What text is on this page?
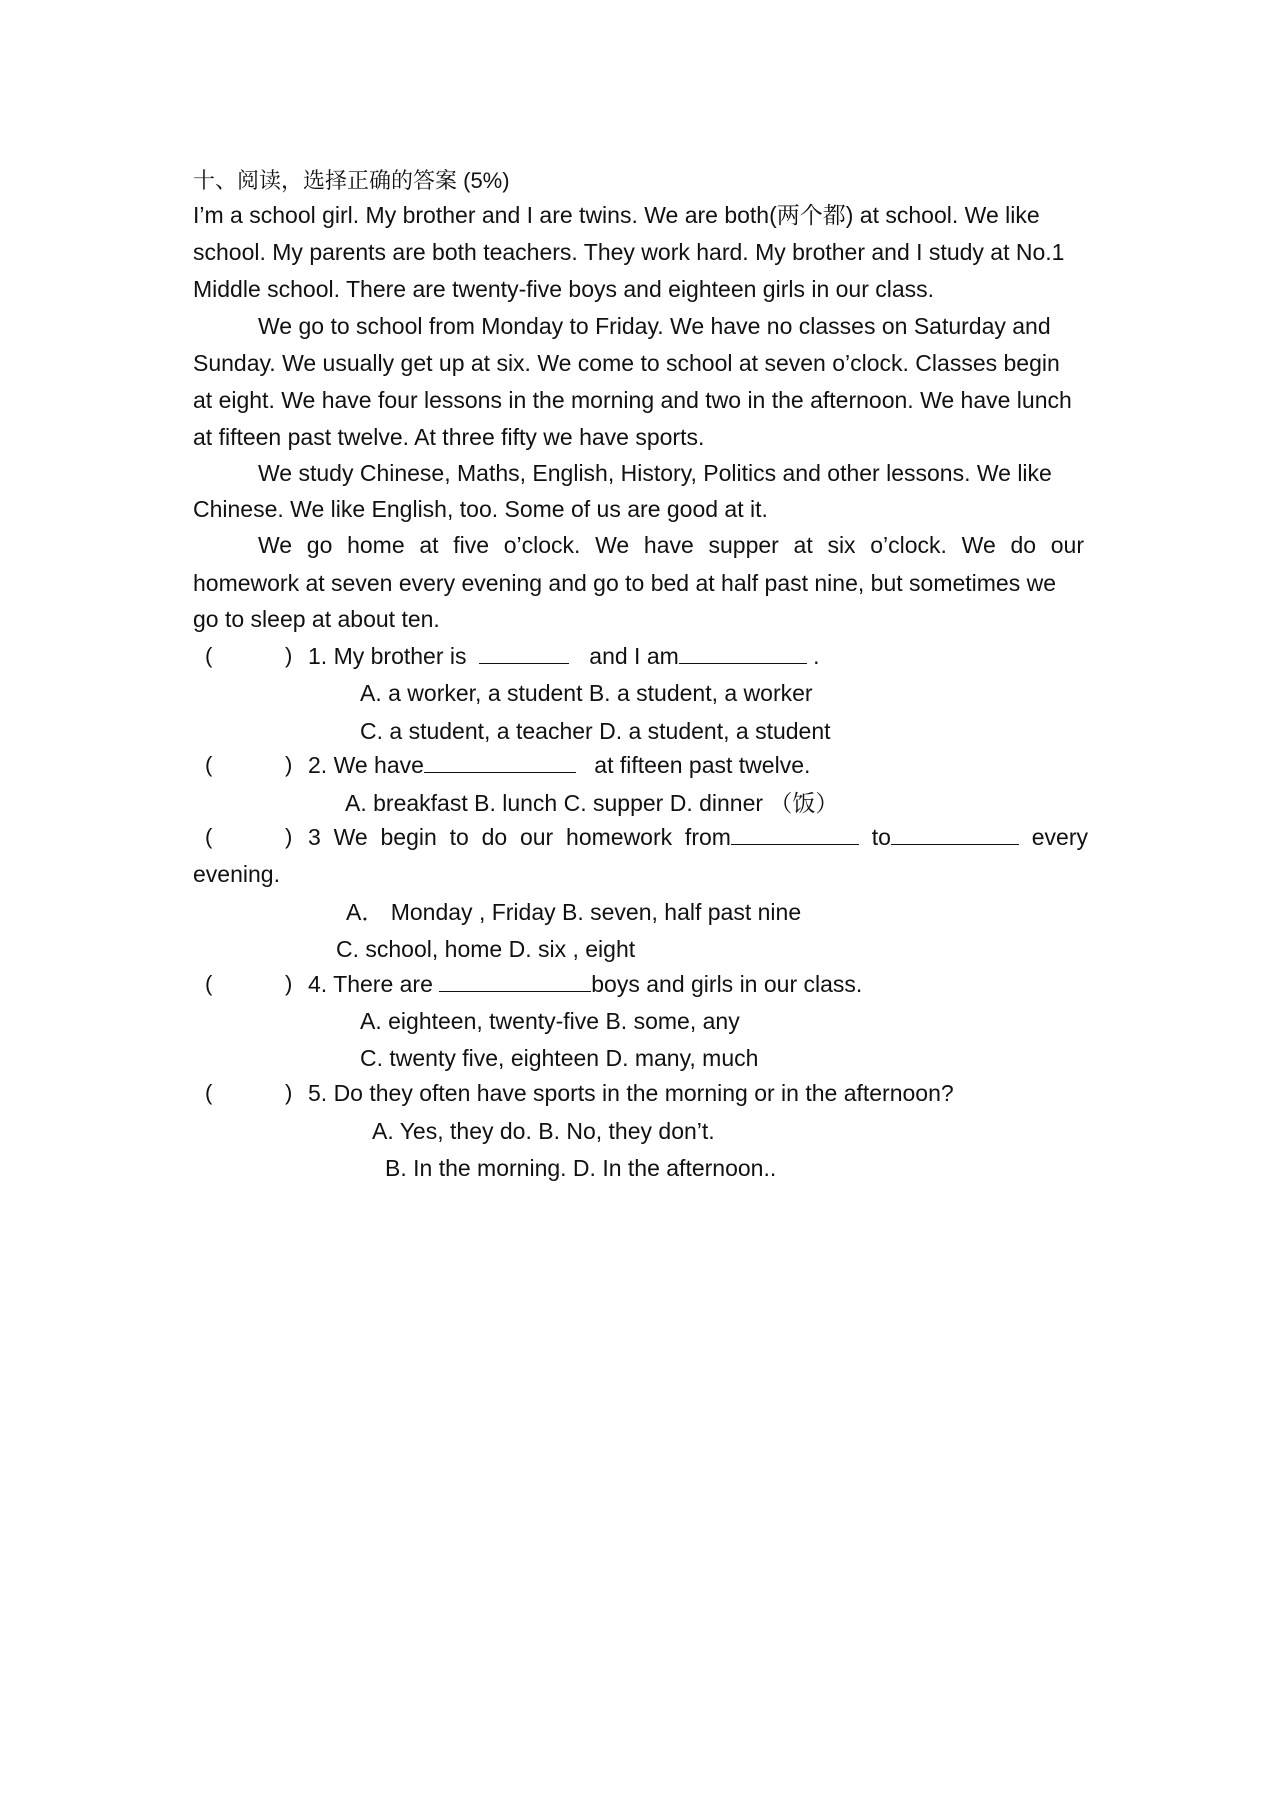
十、阅读，选择正确的答案 (5%)
I’m a school girl. My brother and I are twins. We are both(两个都) at school. We like
school. My parents are both teachers. They work hard. My brother and I study at No.1
Middle school. There are twenty-five boys and eighteen girls in our class.
We go to school from Monday to Friday. We have no classes on Saturday and
Sunday. We usually get up at six. We come to school at seven o’clock. Classes begin
at eight. We have four lessons in the morning and two in the afternoon. We have lunch
at fifteen past twelve. At three fifty we have sports.
We study Chinese, Maths, English, History, Politics and other lessons. We like
Chinese. We like English, too. Some of us are good at it.
We go home at five o’clock. We have supper at six o’clock. We do our
homework at seven every evening and go to bed at half past nine, but sometimes we
go to sleep at about ten.
(	) 1. My brother is	and I am	.
A. a worker, a student B. a student, a worker
C. a student, a teacher D. a student, a student
(	) 2. We have	at fifteen past twelve.
A. breakfast B. lunch C. supper D. dinner （饭）
(	) 3 We begin to do our homework from	to	every
evening.
A． Monday , Friday B. seven, half past nine
C. school, home D. six , eight
(	) 4. There are	boys and girls in our class.
A. eighteen, twenty-five B. some, any
C. twenty five, eighteen D. many, much
(	) 5. Do they often have sports in the morning or in the afternoon?
A. Yes, they do. B. No, they don’t.
B. In the morning. D. In the afternoon..
